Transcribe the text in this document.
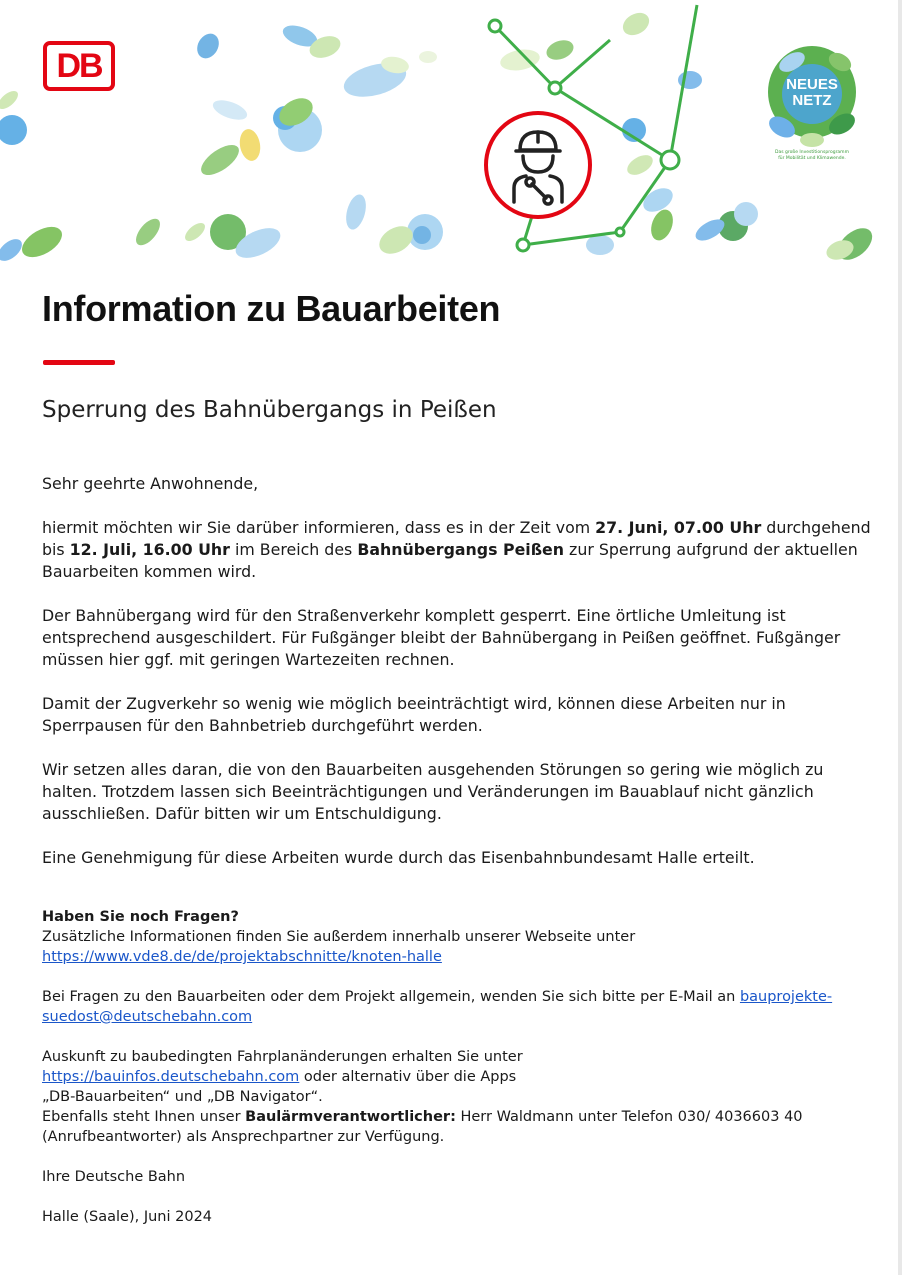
DB	NEUES
NETZ
Das große Investitionsprogramm
für Mobilität und Klimawende.
Information zu Bauarbeiten
Sperrung des Bahnübergangs in Peißen

Sehr geehrte Anwohnende,

hiermit möchten wir Sie darüber informieren, dass es in der Zeit vom 27. Juni, 07.00 Uhr durchgehend bis 12. Juli, 16.00 Uhr im Bereich des Bahnübergangs Peißen zur Sperrung aufgrund der aktuellen Bauarbeiten kommen wird.

Der Bahnübergang wird für den Straßenverkehr komplett gesperrt. Eine örtliche Umleitung ist entsprechend ausgeschildert. Für Fußgänger bleibt der Bahnübergang in Peißen geöffnet. Fußgänger müssen hier ggf. mit geringen Wartezeiten rechnen.

Damit der Zugverkehr so wenig wie möglich beeinträchtigt wird, können diese Arbeiten nur in Sperrpausen für den Bahnbetrieb durchgeführt werden.

Wir setzen alles daran, die von den Bauarbeiten ausgehenden Störungen so gering wie möglich zu halten. Trotzdem lassen sich Beeinträchtigungen und Veränderungen im Bauablauf nicht gänzlich ausschließen. Dafür bitten wir um Entschuldigung.

Eine Genehmigung für diese Arbeiten wurde durch das Eisenbahnbundesamt Halle erteilt.

Haben Sie noch Fragen?
Zusätzliche Informationen finden Sie außerdem innerhalb unserer Webseite unter
https://www.vde8.de/de/projektabschnitte/knoten-halle

Bei Fragen zu den Bauarbeiten oder dem Projekt allgemein, wenden Sie sich bitte per E-Mail an bauprojekte-suedost@deutschebahn.com

Auskunft zu baubedingten Fahrplanänderungen erhalten Sie unter
https://bauinfos.deutschebahn.com oder alternativ über die Apps
„DB-Bauarbeiten“ und „DB Navigator“.
Ebenfalls steht Ihnen unser Baulärmverantwortlicher: Herr Waldmann unter Telefon 030/ 4036603 40 (Anrufbeantworter) als Ansprechpartner zur Verfügung.

Ihre Deutsche Bahn

Halle (Saale), Juni 2024
